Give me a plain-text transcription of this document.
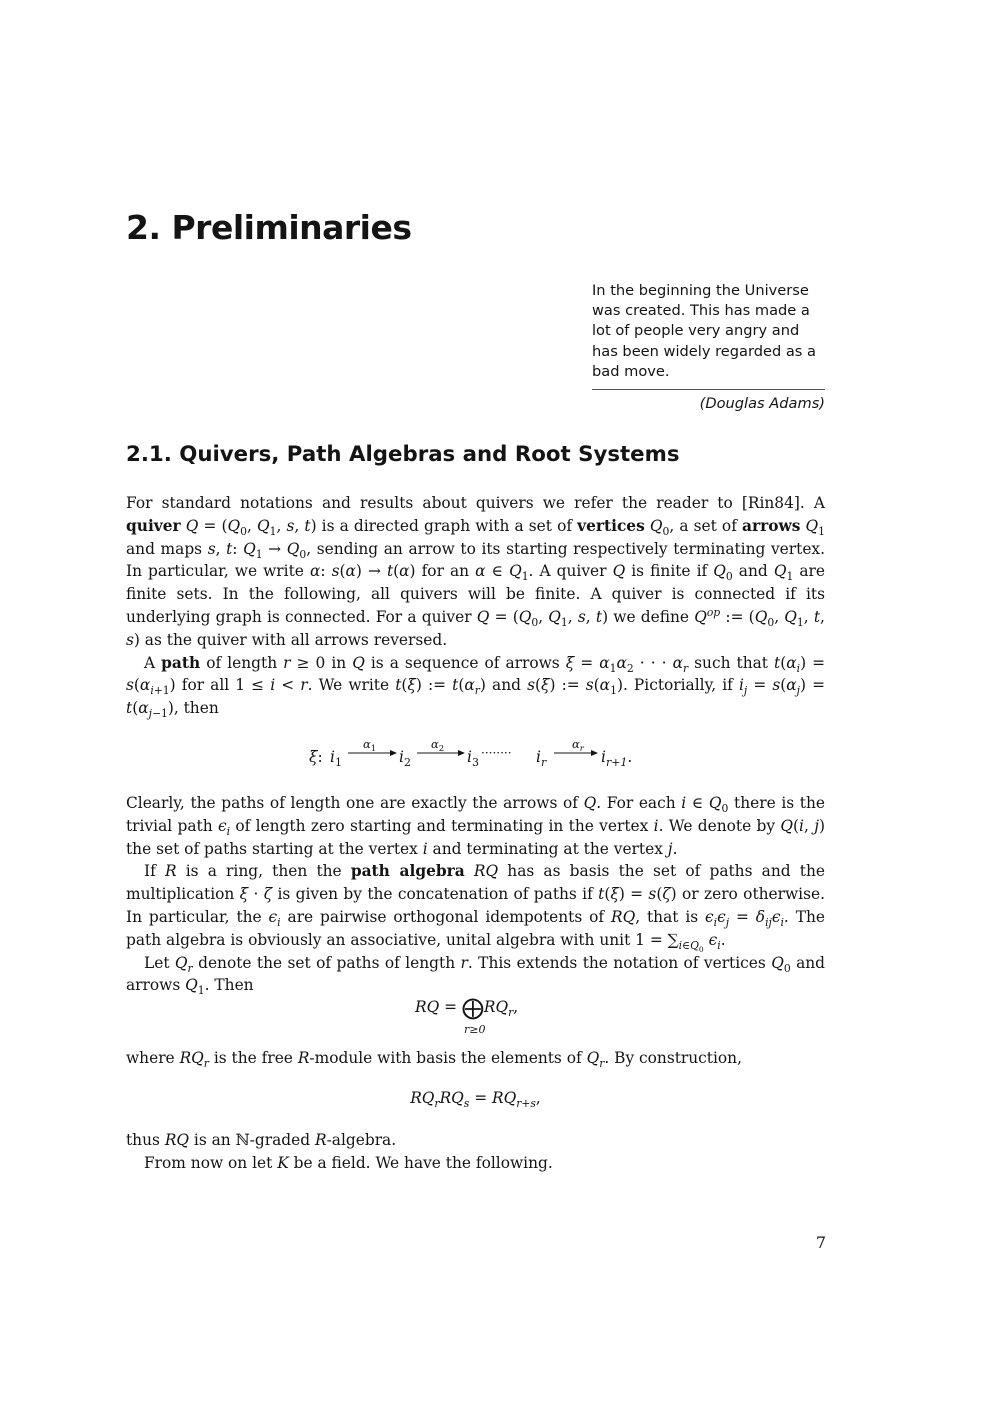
2. Preliminaries
In the beginning the Universe was created. This has made a lot of people very angry and has been widely regarded as a bad move.
(Douglas Adams)
2.1. Quivers, Path Algebras and Root Systems

For standard notations and results about quivers we refer the reader to [Rin84]. A quiver $Q = (Q_0$, $Q_1$, s, t) is a directed graph with a set of vertices $Q_0$, a set of arrows $Q_1$ and maps s, t: $Q_1 \to Q_0$, sending an arrow to its starting respectively terminating vertex. In particular, we write α: s(α) → t(α) for an α ∈ $Q_1$. A quiver Q is finite if $Q_0$ and $Q_1$ are finite sets. In the following, all quivers will be finite. A quiver is connected if its underlying graph is connected. For a quiver $Q = (Q_0$, $Q_1$, s, t) we define $Q^{op}$ := ($Q_0$, $Q_1$, t, s) as the quiver with all arrows reversed.

A path of length r ≥ 0 in Q is a sequence of arrows $\xi = \alpha_1\alpha_2$ · · · $\alpha_r$ such that $t(\alpha_i) = s(\alpha_{i+1})$ for all 1 ≤ i < r. We write t(ξ) := $t(\alpha_r)$ and s(ξ) := $s(\alpha_1)$. Pictorially, if $i_j = s(\alpha_j) = t(\alpha_{j-1})$, then

ξ: $i_1$
$\alpha_1$ $i_2$
$\alpha_2$ $i_3$
········ $i_r$
$\alpha_r$ $i_{r+1}$.

Clearly, the paths of length one are exactly the arrows of Q. For each i ∈ $Q_0$ there is the trivial path $\epsilon_i$ of length zero starting and terminating in the vertex i. We denote by Q(i, j) the set of paths starting at the vertex i and terminating at the vertex j.

If R is a ring, then the path algebra RQ has as basis the set of paths and the multiplication ξ · ζ is given by the concatenation of paths if t(ξ) = s(ζ) or zero otherwise. In particular, the $\epsilon_i$ are pairwise orthogonal idempotents of RQ, that is $\epsilon_i\epsilon_j = \delta_{ij}\epsilon_i$. The path algebra is obviously an associative, unital algebra with unit $1 = \sum_{i\in Q_0}$ $\epsilon_i$.

Let $Q_r$ denote the set of paths of length r. This extends the notation of vertices $Q_0$ and arrows $Q_1$. Then

RQ = $⨁RQ_r$,
r≥0

where $RQ_r$ is the free R-module with basis the elements of $Q_r$. By construction,

$RQ_rRQ_s = RQ_{r+s}$,

thus RQ is an ℕ-graded R-algebra.

From now on let K be a field. We have the following.

7
